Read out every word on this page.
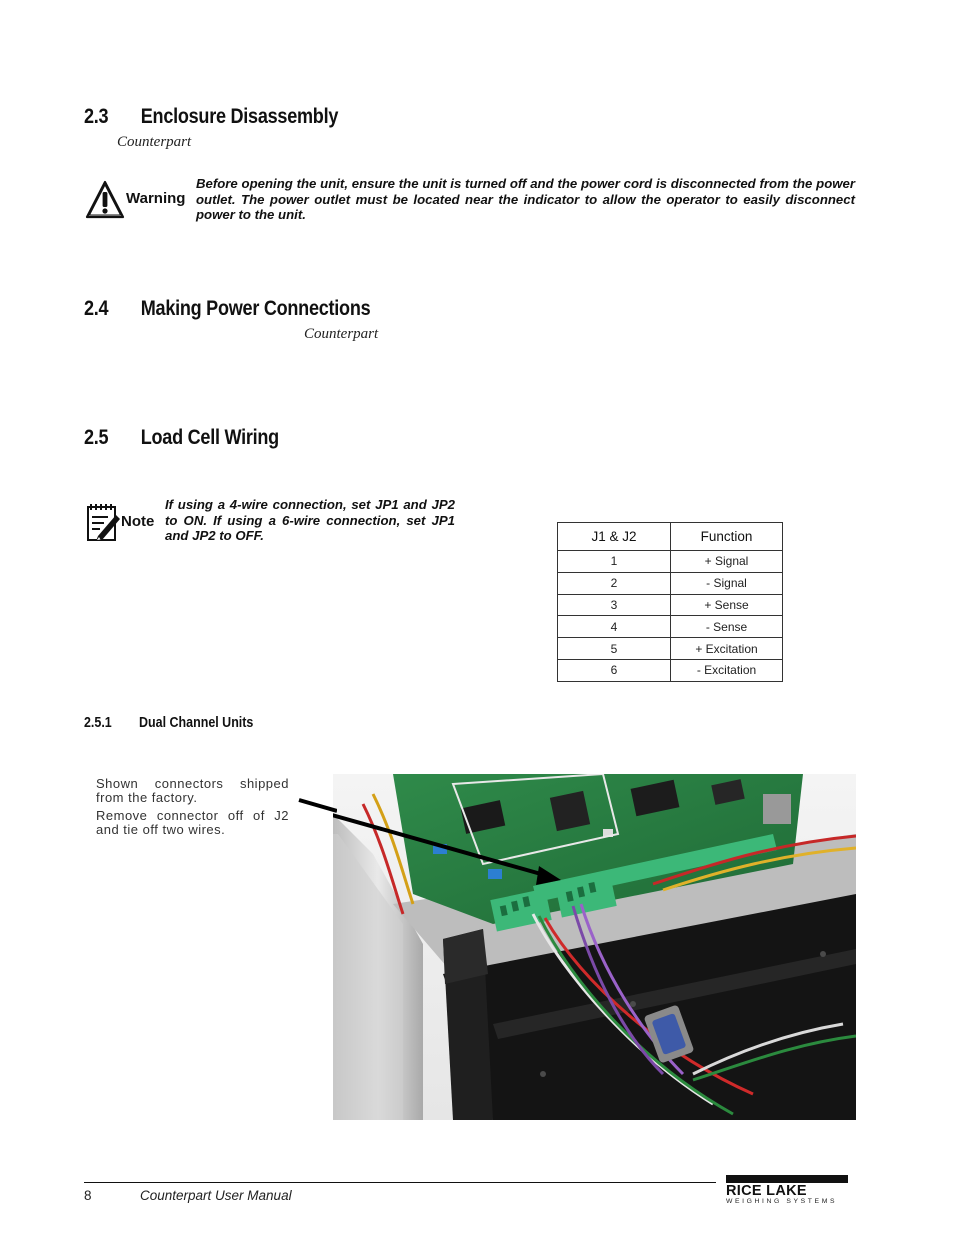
2.3 Enclosure Disassembly
Counterpart
Warning
Before opening the unit, ensure the unit is turned off and the power cord is disconnected from the power outlet. The power outlet must be located near the indicator to allow the operator to easily disconnect power to the unit.
2.4 Making Power Connections
Counterpart
2.5 Load Cell Wiring
Note
If using a 4-wire connection, set JP1 and JP2 to ON. If using a 6-wire connection, set JP1 and JP2 to OFF.	J1 & J2	Function
1	+ Signal
2	- Signal
3	+ Sense
4	- Sense
5	+ Excitation
6	- Excitation
2.5.1 Dual Channel Units
Shown connectors shipped from the factory.
Remove connector off of J2 and tie off two wires.
8	Counterpart User Manual	RICE LAKE
WEIGHING SYSTEMS
